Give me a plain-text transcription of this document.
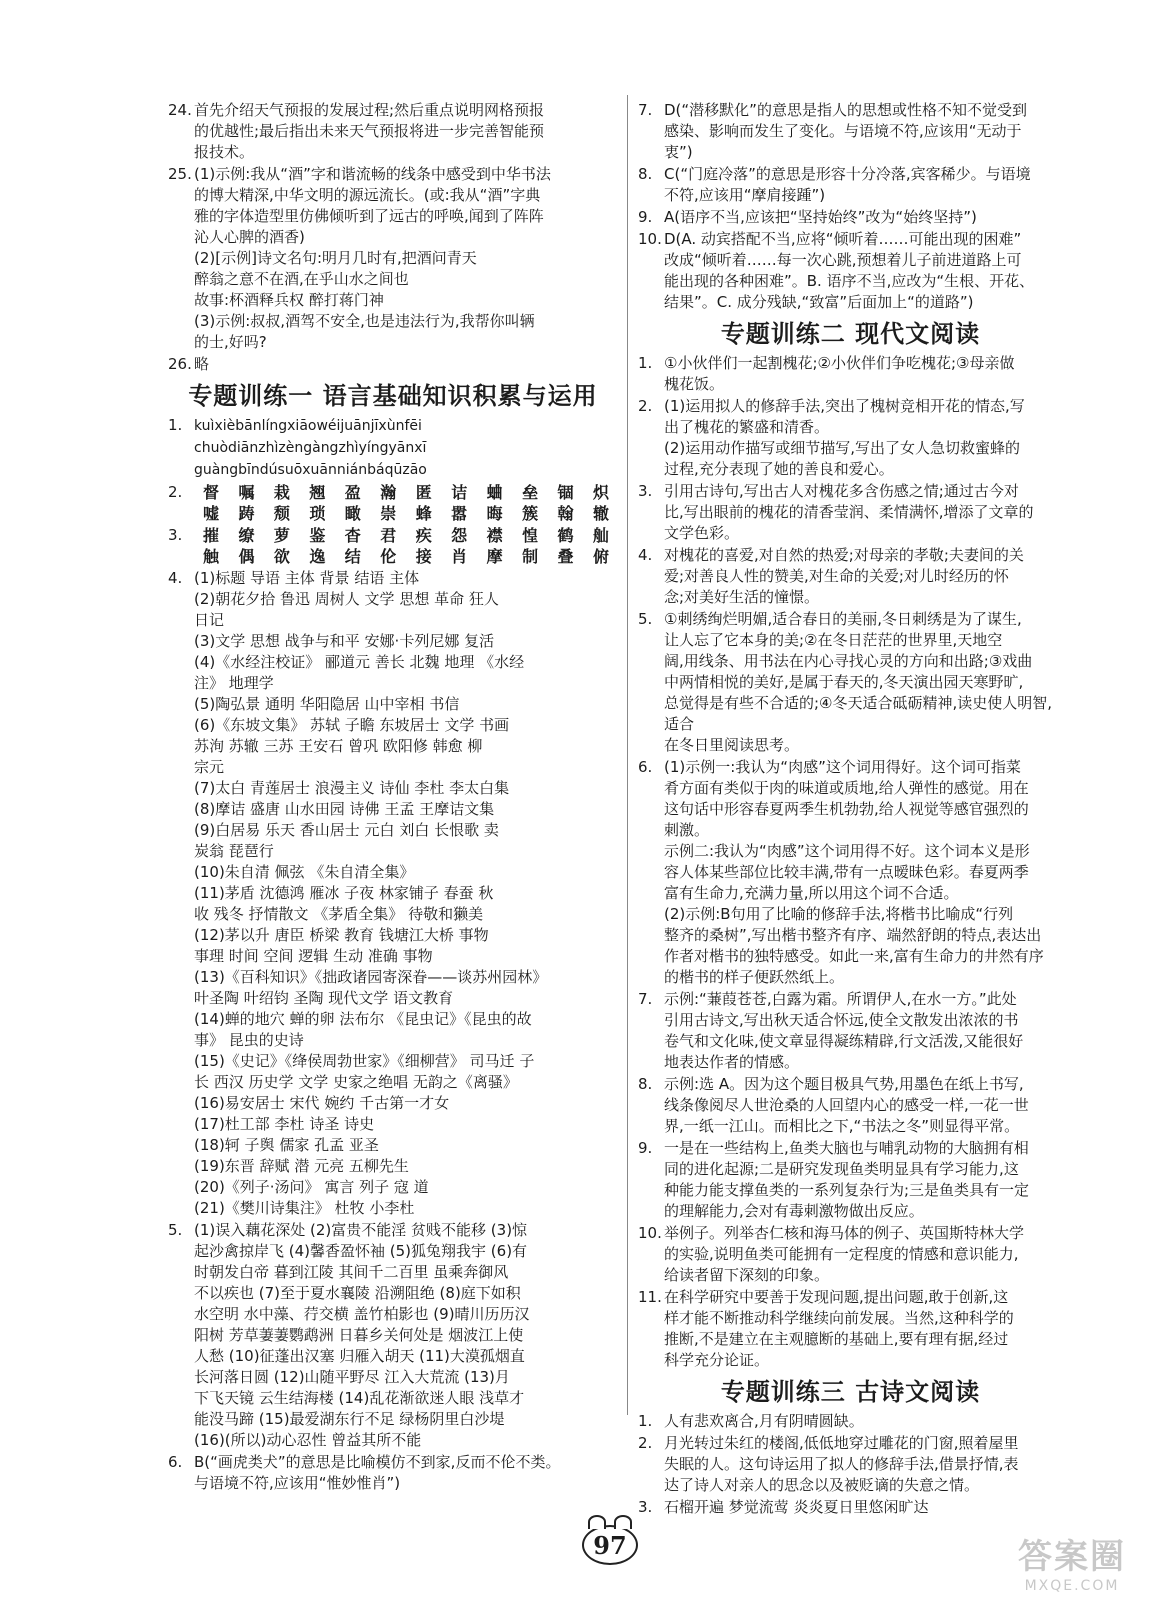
24. 首先介绍天气预报的发展过程;然后重点说明网格预报
的优越性;最后指出未来天气预报将进一步完善智能预
报技术。
25. (1)示例:我从“酒”字和谐流畅的线条中感受到中华书法
的博大精深,中华文明的源远流长。(或:我从“酒”字典
雅的字体造型里仿佛倾听到了远古的呼唤,闻到了阵阵
沁人心脾的酒香)
(2)[示例]诗文名句:明月几时有,把酒问青天
醉翁之意不在酒,在乎山水之间也
故事:杯酒释兵权 醉打蒋门神
(3)示例:叔叔,酒驾不安全,也是违法行为,我帮你叫辆
的士,好吗?
26. 略
专题训练一 语言基础知识积累与运用
1. kuìxièbānlíngxiāowéijuānjīxùnfēi
chuòdiānzhìzèngàngzhìyíngyānxī
guàngbīndúsuōxuānniánbáqūzāo
2.	督	嘱	栽	翘	盈	瀚	匿	诘	蛐	垒	锢	炽
嘘	踌	颓	琐	瞰	崇	蜂	嚣	晦	簇	翰	辙
3.	摧	缭	萝	鉴	杳	君	疾	怨	襟	惶	鹤	舢
触	偶	欲	逸	结	伦	接	肖	摩	制	叠	俯
4. (1)标题 导语 主体 背景 结语 主体
(2)朝花夕拾 鲁迅 周树人 文学 思想 革命 狂人
日记
(3)文学 思想 战争与和平 安娜·卡列尼娜 复活
(4)《水经注校证》 郦道元 善长 北魏 地理 《水经
注》 地理学
(5)陶弘景 通明 华阳隐居 山中宰相 书信
(6)《东坡文集》 苏轼 子瞻 东坡居士 文学 书画
苏洵 苏辙 三苏 王安石 曾巩 欧阳修 韩愈 柳
宗元
(7)太白 青莲居士 浪漫主义 诗仙 李杜 李太白集
(8)摩诘 盛唐 山水田园 诗佛 王孟 王摩诘文集
(9)白居易 乐天 香山居士 元白 刘白 长恨歌 卖
炭翁 琵琶行
(10)朱自清 佩弦 《朱自清全集》
(11)茅盾 沈德鸿 雁冰 子夜 林家铺子 春蚕 秋
收 残冬 抒情散文 《茅盾全集》 待敬和獭美
(12)茅以升 唐臣 桥梁 教育 钱塘江大桥 事物
事理 时间 空间 逻辑 生动 准确 事物
(13)《百科知识》《拙政诸园寄深眷——谈苏州园林》
叶圣陶 叶绍钧 圣陶 现代文学 语文教育
(14)蝉的地穴 蝉的卵 法布尔 《昆虫记》《昆虫的故
事》 昆虫的史诗
(15)《史记》《绛侯周勃世家》《细柳营》 司马迁 子
长 西汉 历史学 文学 史家之绝唱 无韵之《离骚》
(16)易安居士 宋代 婉约 千古第一才女
(17)杜工部 李杜 诗圣 诗史
(18)轲 子舆 儒家 孔孟 亚圣
(19)东晋 辞赋 潜 元亮 五柳先生
(20)《列子·汤问》 寓言 列子 寇 道
(21)《樊川诗集注》 杜牧 小李杜
5. (1)误入藕花深处 (2)富贵不能淫 贫贱不能移 (3)惊
起沙禽掠岸飞 (4)馨香盈怀袖 (5)狐兔翔我宇 (6)有
时朝发白帝 暮到江陵 其间千二百里 虽乘奔御风
不以疾也 (7)至于夏水襄陵 沿溯阻绝 (8)庭下如积
水空明 水中藻、荇交横 盖竹柏影也 (9)晴川历历汉
阳树 芳草萋萋鹦鹉洲 日暮乡关何处是 烟波江上使
人愁 (10)征蓬出汉塞 归雁入胡天 (11)大漠孤烟直
长河落日圆 (12)山随平野尽 江入大荒流 (13)月
下飞天镜 云生结海楼 (14)乱花渐欲迷人眼 浅草才
能没马蹄 (15)最爱湖东行不足 绿杨阴里白沙堤
(16)(所以)动心忍性 曾益其所不能
6. B(“画虎类犬”的意思是比喻模仿不到家,反而不伦不类。
与语境不符,应该用“惟妙惟肖”)
7. D(“潜移默化”的意思是指人的思想或性格不知不觉受到
感染、影响而发生了变化。与语境不符,应该用“无动于
衷”)
8. C(“门庭冷落”的意思是形容十分冷落,宾客稀少。与语境
不符,应该用“摩肩接踵”)
9. A(语序不当,应该把“坚持始终”改为“始终坚持”)
10. D(A. 动宾搭配不当,应将“倾听着……可能出现的困难”
改成“倾听着……每一次心跳,预想着儿子前进道路上可
能出现的各种困难”。B. 语序不当,应改为“生根、开花、
结果”。C. 成分残缺,“致富”后面加上“的道路”)
专题训练二 现代文阅读
1. ①小伙伴们一起割槐花;②小伙伴们争吃槐花;③母亲做
槐花饭。
2. (1)运用拟人的修辞手法,突出了槐树竞相开花的情态,写
出了槐花的繁盛和清香。
(2)运用动作描写或细节描写,写出了女人急切救蜜蜂的
过程,充分表现了她的善良和爱心。
3. 引用古诗句,写出古人对槐花多含伤感之情;通过古今对
比,写出眼前的槐花的清香莹润、柔情满怀,增添了文章的
文学色彩。
4. 对槐花的喜爱,对自然的热爱;对母亲的孝敬;夫妻间的关
爱;对善良人性的赞美,对生命的关爱;对儿时经历的怀
念;对美好生活的憧憬。
5. ①刺绣绚烂明媚,适合春日的美丽,冬日刺绣是为了谋生,
让人忘了它本身的美;②在冬日茫茫的世界里,天地空
阔,用线条、用书法在内心寻找心灵的方向和出路;③戏曲
中两情相悦的美好,是属于春天的,冬天演出园天寒野旷,
总觉得是有些不合适的;④冬天适合砥砺精神,读史使人明智,适合
在冬日里阅读思考。
6. (1)示例一:我认为“肉感”这个词用得好。这个词可指菜
肴方面有类似于肉的味道或质地,给人弹性的感觉。用在
这句话中形容春夏两季生机勃勃,给人视觉等感官强烈的
刺激。
示例二:我认为“肉感”这个词用得不好。这个词本义是形
容人体某些部位比较丰满,带有一点暧昧色彩。春夏两季
富有生命力,充满力量,所以用这个词不合适。
(2)示例:B句用了比喻的修辞手法,将楷书比喻成“行列
整齐的桑树”,写出楷书整齐有序、端然舒朗的特点,表达出
作者对楷书的独特感受。如此一来,富有生命力的井然有序
的楷书的样子便跃然纸上。
7. 示例:“蒹葭苍苍,白露为霜。所谓伊人,在水一方。”此处
引用古诗文,写出秋天适合怀远,使全文散发出浓浓的书
卷气和文化味,使文章显得凝练精辟,行文活泼,又能很好
地表达作者的情感。
8. 示例:选 A。因为这个题目极具气势,用墨色在纸上书写,
线条像阅尽人世沧桑的人回望内心的感受一样,一花一世
界,一纸一江山。而相比之下,“书法之冬”则显得平常。
9. 一是在一些结构上,鱼类大脑也与哺乳动物的大脑拥有相
同的进化起源;二是研究发现鱼类明显具有学习能力,这
种能力能支撑鱼类的一系列复杂行为;三是鱼类具有一定
的理解能力,会对有毒刺激物做出反应。
10. 举例子。列举杏仁核和海马体的例子、英国斯特林大学
的实验,说明鱼类可能拥有一定程度的情感和意识能力,
给读者留下深刻的印象。
11. 在科学研究中要善于发现问题,提出问题,敢于创新,这
样才能不断推动科学继续向前发展。当然,这种科学的
推断,不是建立在主观臆断的基础上,要有理有据,经过
科学充分论证。
专题训练三 古诗文阅读
1. 人有悲欢离合,月有阴晴圆缺。
2. 月光转过朱红的楼阁,低低地穿过雕花的门窗,照着屋里
失眠的人。这句诗运用了拟人的修辞手法,借景抒情,表
达了诗人对亲人的思念以及被贬谪的失意之情。
3. 石榴开遍 梦觉流莺 炎炎夏日里悠闲旷达
97	答案圈
MXQE.COM
